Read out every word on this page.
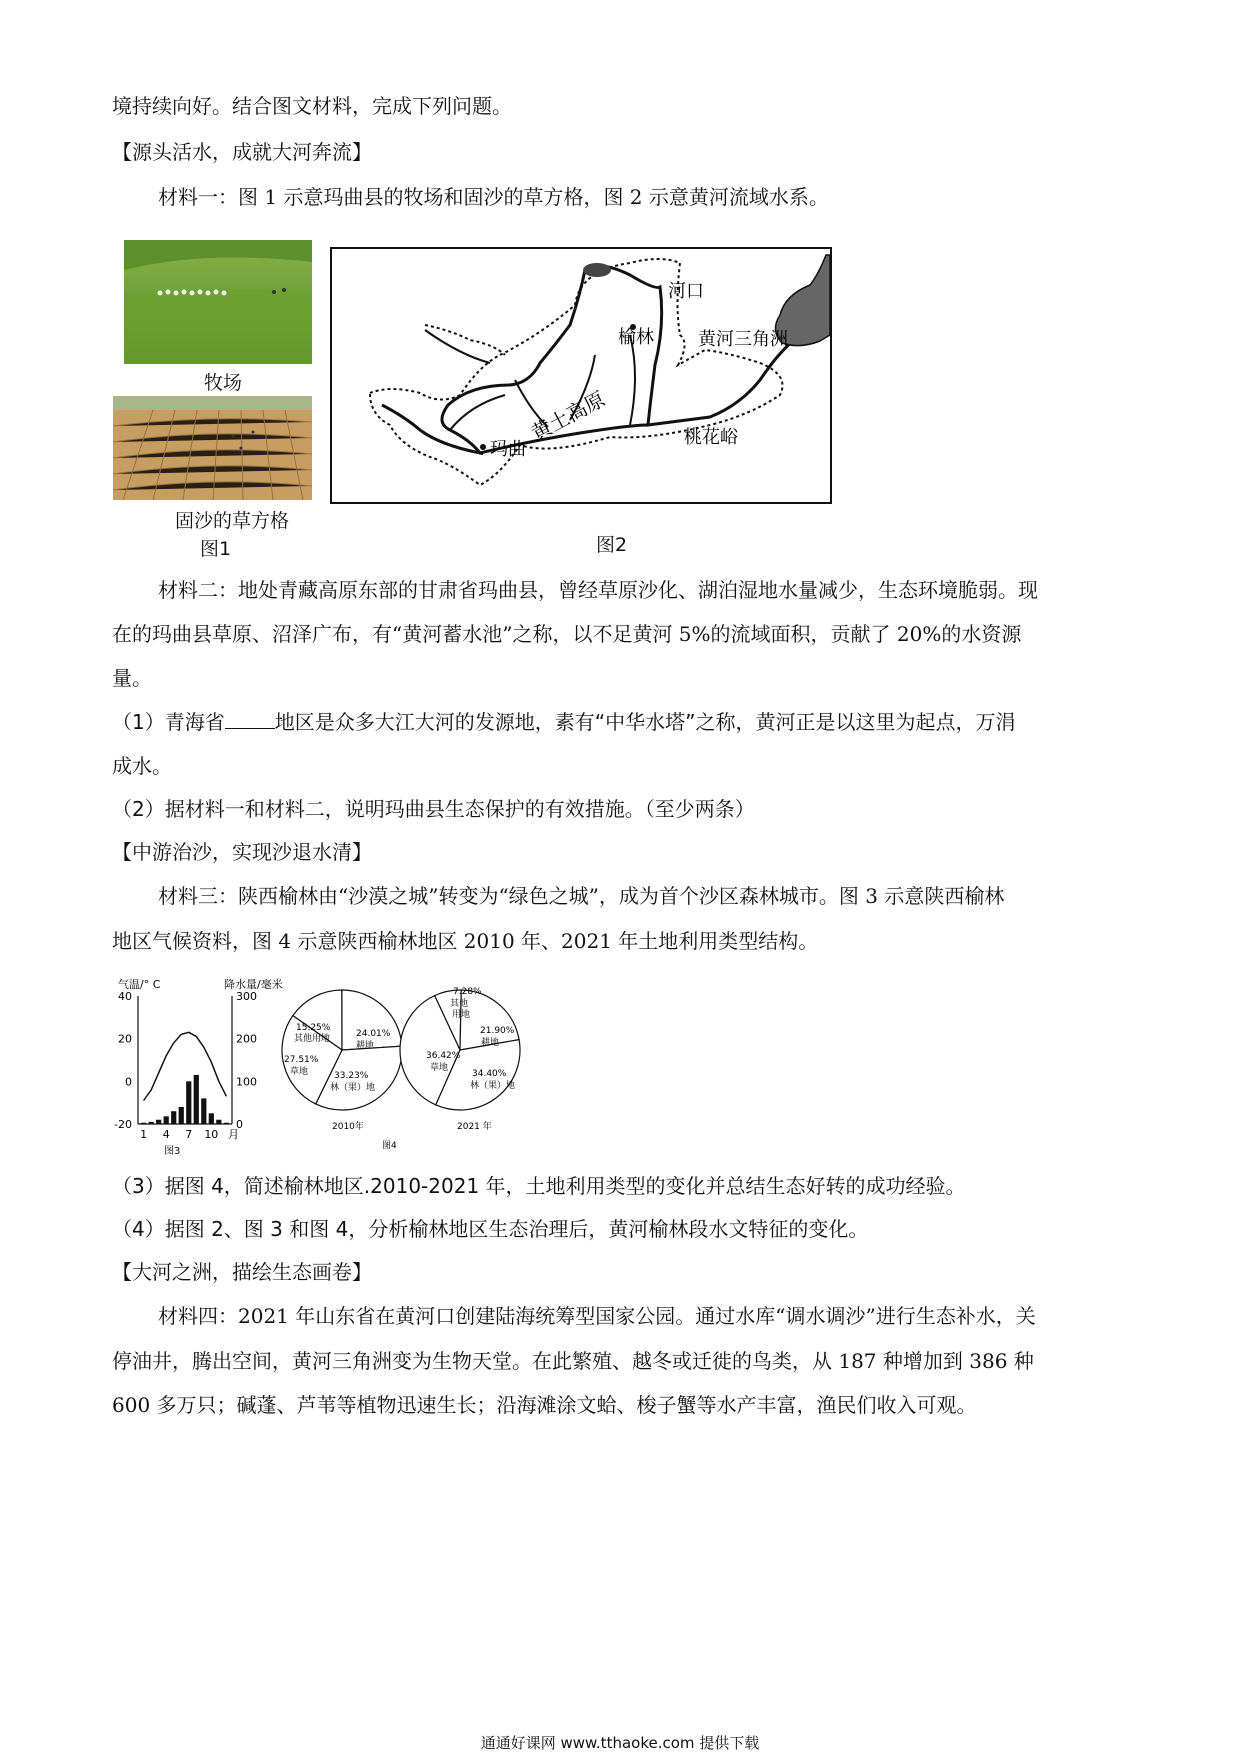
境持续向好。结合图文材料，完成下列问题。
【源头活水，成就大河奔流】
材料一：图 1 示意玛曲县的牧场和固沙的草方格，图 2 示意黄河流域水系。
牧场
固沙的草方格
图1
河口
榆林 黄河三角洲
黄土高原
玛曲
桃花峪
图2
材料二：地处青藏高原东部的甘肃省玛曲县，曾经草原沙化、湖泊湿地水量减少，生态环境脆弱。现
在的玛曲县草原、沼泽广布，有“黄河蓄水池”之称，以不足黄河 5%的流域面积，贡献了 20%的水资源
量。
（1）青海省	地区是众多大江大河的发源地，素有“中华水塔”之称，黄河正是以这里为起点，万涓
成水。
（2）据材料一和材料二，说明玛曲县生态保护的有效措施。（至少两条）
【中游治沙，实现沙退水清】
材料三：陕西榆林由“沙漠之城”转变为“绿色之城”，成为首个沙区森林城市。图 3 示意陕西榆林
地区气候资料，图 4 示意陕西榆林地区 2010 年、2021 年土地利用类型结构。
气温/° C	降水量/毫米
40
20
0
-20
300
200
100
0
1 4 7 10 月
图3
2010年	2021 年
图4
15.25%
其他用地	24.01%
耕地
27.51%
草地	33.23%
林（果）地
7.28%
其他
用地
21.90%
耕地
36.42%
草地
34.40%
林（果）地
（3）据图 4，简述榆林地区.2010-2021 年，土地利用类型的变化并总结生态好转的成功经验。
（4）据图 2、图 3 和图 4，分析榆林地区生态治理后，黄河榆林段水文特征的变化。
【大河之洲，描绘生态画卷】
材料四：2021 年山东省在黄河口创建陆海统筹型国家公园。通过水库“调水调沙”进行生态补水，关
停油井，腾出空间，黄河三角洲变为生物天堂。在此繁殖、越冬或迁徙的鸟类，从 187 种增加到 386 种
600 多万只；碱蓬、芦苇等植物迅速生长；沿海滩涂文蛤、梭子蟹等水产丰富，渔民们收入可观。
通通好课网 www.tthaoke.com 提供下载
